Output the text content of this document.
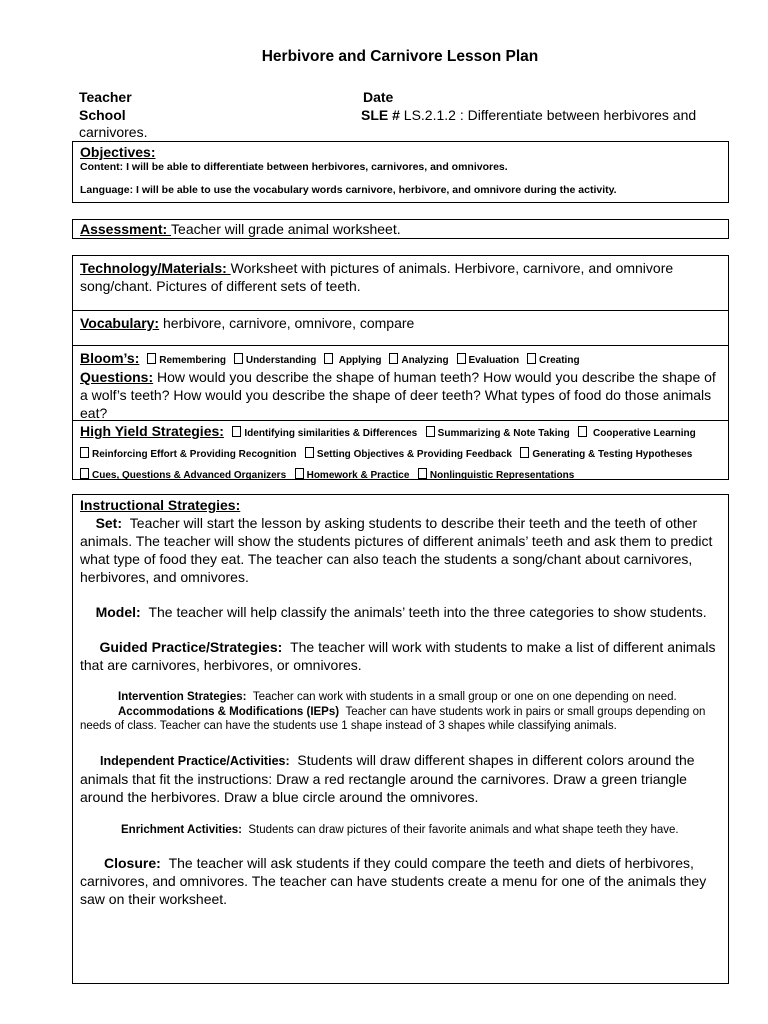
Herbivore and Carnivore Lesson Plan
Teacher	Date
School	SLE # LS.2.1.2 : Differentiate between herbivores and
carnivores.
Objectives:
Content: I will be able to differentiate between herbivores, carnivores, and omnivores.
Language: I will be able to use the vocabulary words carnivore, herbivore, and omnivore during the activity.
Assessment: Teacher will grade animal worksheet.
Technology/Materials: Worksheet with pictures of animals. Herbivore, carnivore, and omnivore song/chant. Pictures of different sets of teeth.
Vocabulary: herbivore, carnivore, omnivore, compare
Bloom’s: Remembering Understanding Applying Analyzing Evaluation Creating
Questions: How would you describe the shape of human teeth? How would you describe the shape of a wolf’s teeth? How would you describe the shape of deer teeth? What types of food do those animals eat?
High Yield Strategies: Identifying similarities & Differences Summarizing & Note Taking Cooperative Learning
Reinforcing Effort & Providing Recognition Setting Objectives & Providing Feedback Generating & Testing Hypotheses
Cues, Questions & Advanced Organizers Homework & Practice Nonlinguistic Representations
Instructional Strategies:

Set: Teacher will start the lesson by asking students to describe their teeth and the teeth of other animals. The teacher will show the students pictures of different animals’ teeth and ask them to predict what type of food they eat. The teacher can also teach the students a song/chant about carnivores, herbivores, and omnivores.

Model: The teacher will help classify the animals’ teeth into the three categories to show students.

Guided Practice/Strategies: The teacher will work with students to make a list of different animals that are carnivores, herbivores, or omnivores.

Intervention Strategies: Teacher can work with students in a small group or one on one depending on need.

Accommodations & Modifications (IEPs) Teacher can have students work in pairs or small groups depending on needs of class. Teacher can have the students use 1 shape instead of 3 shapes while classifying animals.

Independent Practice/Activities: Students will draw different shapes in different colors around the animals that fit the instructions: Draw a red rectangle around the carnivores. Draw a green triangle around the herbivores. Draw a blue circle around the omnivores.

Enrichment Activities: Students can draw pictures of their favorite animals and what shape teeth they have.

Closure: The teacher will ask students if they could compare the teeth and diets of herbivores, carnivores, and omnivores. The teacher can have students create a menu for one of the animals they saw on their worksheet.
